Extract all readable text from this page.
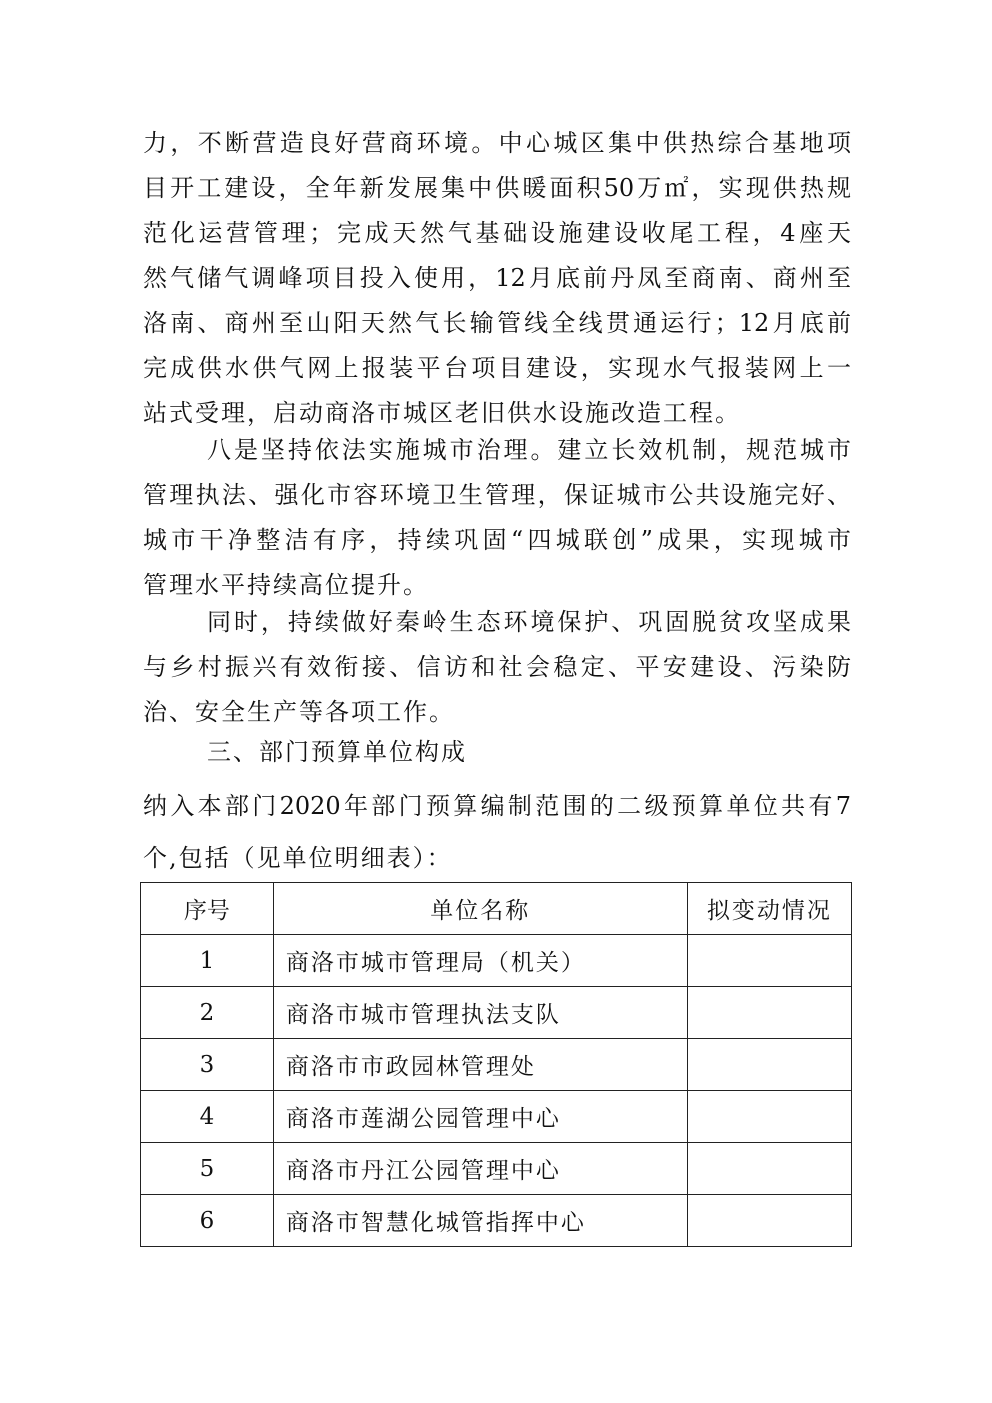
力，不断营造良好营商环境。中心城区集中供热综合基地项
目开工建设，全年新发展集中供暖面积50万㎡，实现供热规
范化运营管理；完成天然气基础设施建设收尾工程，4座天
然气储气调峰项目投入使用，12月底前丹凤至商南、商州至
洛南、商州至山阳天然气长输管线全线贯通运行；12月底前
完成供水供气网上报装平台项目建设，实现水气报装网上一
站式受理，启动商洛市城区老旧供水设施改造工程。
八是坚持依法实施城市治理。建立长效机制，规范城市
管理执法、强化市容环境卫生管理，保证城市公共设施完好、
城市干净整洁有序，持续巩固“四城联创”成果，实现城市
管理水平持续高位提升。
同时，持续做好秦岭生态环境保护、巩固脱贫攻坚成果
与乡村振兴有效衔接、信访和社会稳定、平安建设、污染防
治、安全生产等各项工作。
三、部门预算单位构成
纳入本部门2020年部门预算编制范围的二级预算单位共有7
个,包括（见单位明细表）：
序号	单位名称	拟变动情况
1	商洛市城市管理局（机关）	
2	商洛市城市管理执法支队	
3	商洛市市政园林管理处	
4	商洛市莲湖公园管理中心	
5	商洛市丹江公园管理中心	
6	商洛市智慧化城管指挥中心	
